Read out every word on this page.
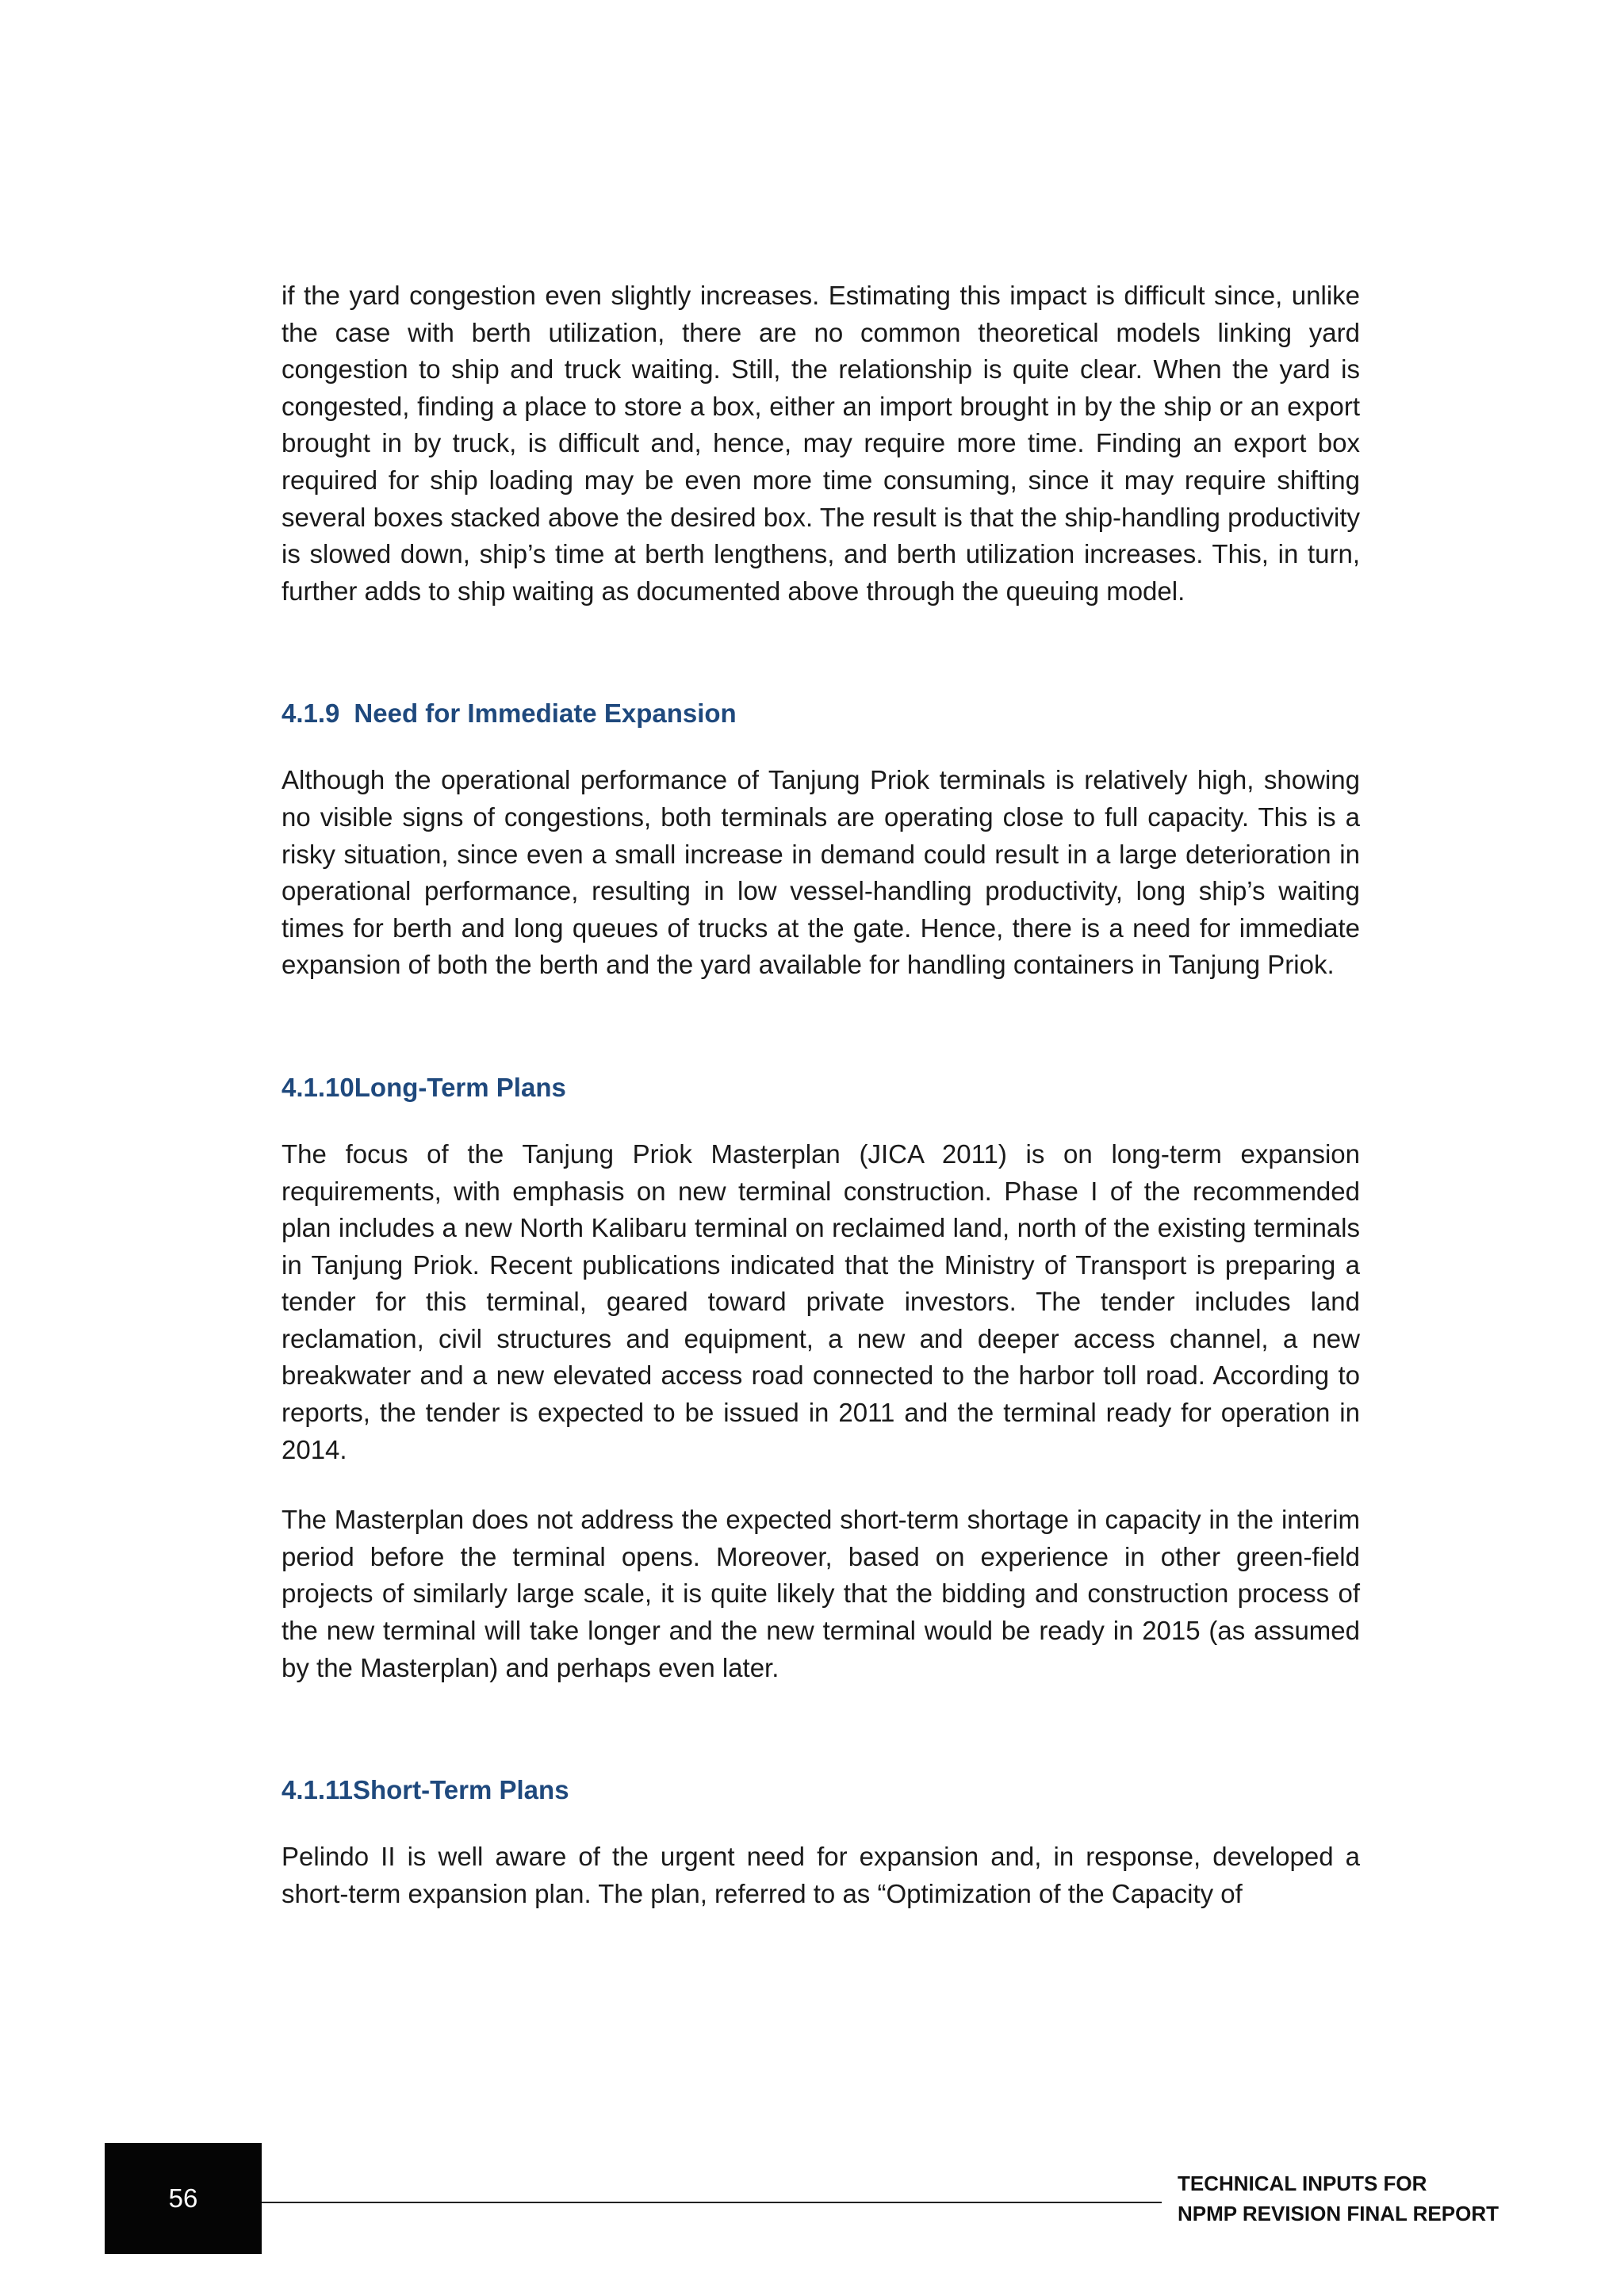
if the yard congestion even slightly increases. Estimating this impact is difficult since, unlike the case with berth utilization, there are no common theoretical models linking yard congestion to ship and truck waiting. Still, the relationship is quite clear. When the yard is congested, finding a place to store a box, either an import brought in by the ship or an export brought in by truck, is difficult and, hence, may require more time. Finding an export box required for ship loading may be even more time consuming, since it may require shifting several boxes stacked above the desired box. The result is that the ship-handling productivity is slowed down, ship’s time at berth lengthens, and berth utilization increases. This, in turn, further adds to ship waiting as documented above through the queuing model.

4.1.9 Need for Immediate Expansion

Although the operational performance of Tanjung Priok terminals is relatively high, showing no visible signs of congestions, both terminals are operating close to full capacity. This is a risky situation, since even a small increase in demand could result in a large deterioration in operational performance, resulting in low vessel-handling productivity, long ship’s waiting times for berth and long queues of trucks at the gate. Hence, there is a need for immediate expansion of both the berth and the yard available for handling containers in Tanjung Priok.

4.1.10Long-Term Plans

The focus of the Tanjung Priok Masterplan (JICA 2011) is on long-term expansion requirements, with emphasis on new terminal construction. Phase I of the recommended plan includes a new North Kalibaru terminal on reclaimed land, north of the existing terminals in Tanjung Priok. Recent publications indicated that the Ministry of Transport is preparing a tender for this terminal, geared toward private investors. The tender includes land reclamation, civil structures and equipment, a new and deeper access channel, a new breakwater and a new elevated access road connected to the harbor toll road. According to reports, the tender is expected to be issued in 2011 and the terminal ready for operation in 2014.

The Masterplan does not address the expected short-term shortage in capacity in the interim period before the terminal opens. Moreover, based on experience in other green-field projects of similarly large scale, it is quite likely that the bidding and construction process of the new terminal will take longer and the new terminal would be ready in 2015 (as assumed by the Masterplan) and perhaps even later.

4.1.11Short-Term Plans

Pelindo II is well aware of the urgent need for expansion and, in response, developed a short-term expansion plan. The plan, referred to as “Optimization of the Capacity of

56	TECHNICAL INPUTS FOR
NPMP REVISION FINAL REPORT
